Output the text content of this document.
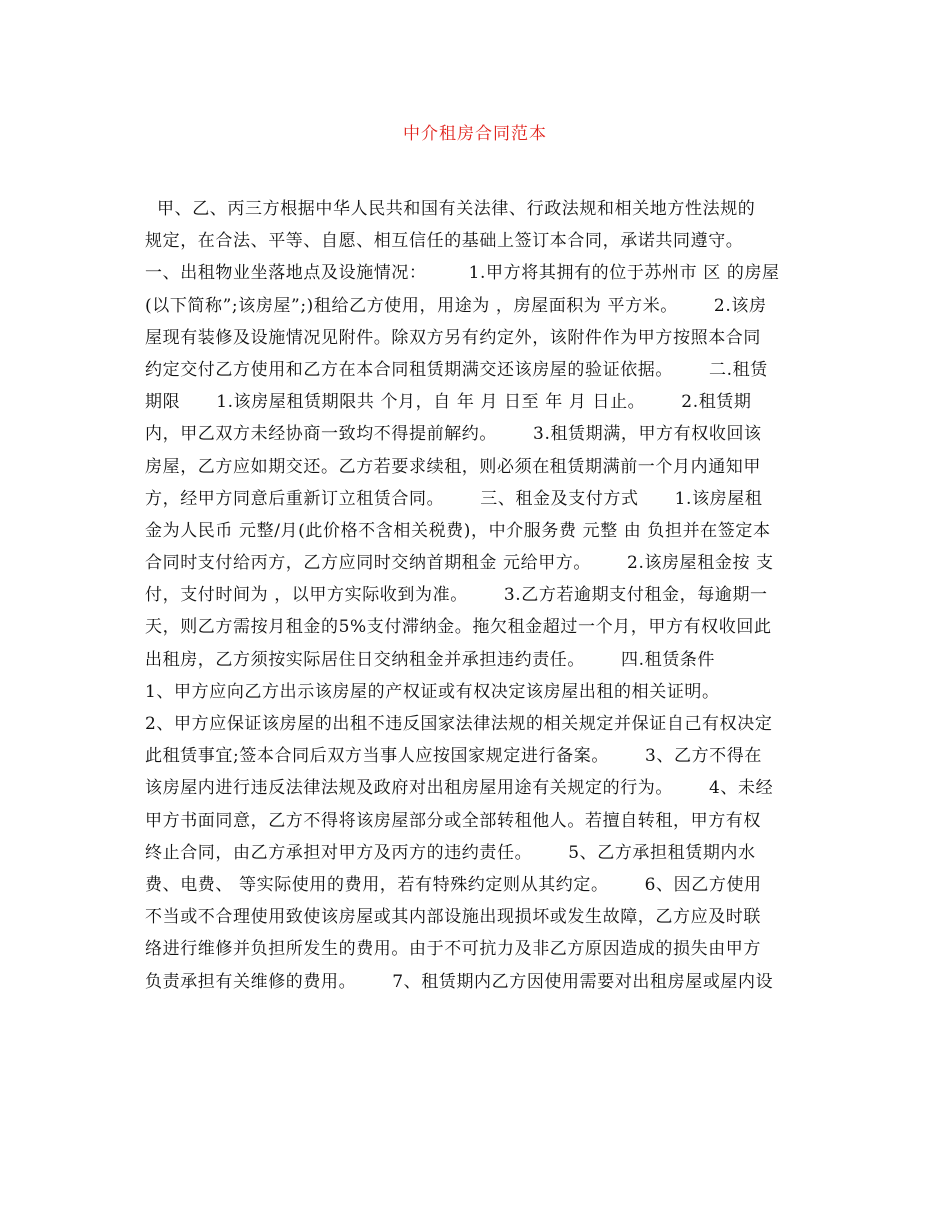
中介租房合同范本
甲、乙、丙三方根据中华人民共和国有关法律、行政法规和相关地方性法规的
规定，在合法、平等、自愿、相互信任的基础上签订本合同，承诺共同遵守。
一、出租物业坐落地点及设施情况：       1.甲方将其拥有的位于苏州市 区 的房屋
(以下简称”;该房屋”;)租给乙方使用，用途为 ，房屋面积为 平方米。      2.该房
屋现有装修及设施情况见附件。除双方另有约定外，该附件作为甲方按照本合同
约定交付乙方使用和乙方在本合同租赁期满交还该房屋的验证依据。      二.租赁
期限      1.该房屋租赁期限共 个月，自 年 月 日至 年 月 日止。      2.租赁期
内，甲乙双方未经协商一致均不得提前解约。      3.租赁期满，甲方有权收回该
房屋，乙方应如期交还。乙方若要求续租，则必须在租赁期满前一个月内通知甲
方，经甲方同意后重新订立租赁合同。      三、租金及支付方式      1.该房屋租
金为人民币 元整/月(此价格不含相关税费)，中介服务费 元整 由 负担并在签定本
合同时支付给丙方，乙方应同时交纳首期租金 元给甲方。      2.该房屋租金按 支
付，支付时间为 ，以甲方实际收到为准。      3.乙方若逾期支付租金，每逾期一
天，则乙方需按月租金的5%支付滞纳金。拖欠租金超过一个月，甲方有权收回此
出租房，乙方须按实际居住日交纳租金并承担违约责任。      四.租赁条件
1、甲方应向乙方出示该房屋的产权证或有权决定该房屋出租的相关证明。
2、甲方应保证该房屋的出租不违反国家法律法规的相关规定并保证自己有权决定
此租赁事宜;签本合同后双方当事人应按国家规定进行备案。      3、乙方不得在
该房屋内进行违反法律法规及政府对出租房屋用途有关规定的行为。      4、未经
甲方书面同意，乙方不得将该房屋部分或全部转租他人。若擅自转租，甲方有权
终止合同，由乙方承担对甲方及丙方的违约责任。      5、乙方承担租赁期内水
费、电费、 等实际使用的费用，若有特殊约定则从其约定。      6、因乙方使用
不当或不合理使用致使该房屋或其内部设施出现损坏或发生故障，乙方应及时联
络进行维修并负担所发生的费用。由于不可抗力及非乙方原因造成的损失由甲方
负责承担有关维修的费用。      7、租赁期内乙方因使用需要对出租房屋或屋内设
